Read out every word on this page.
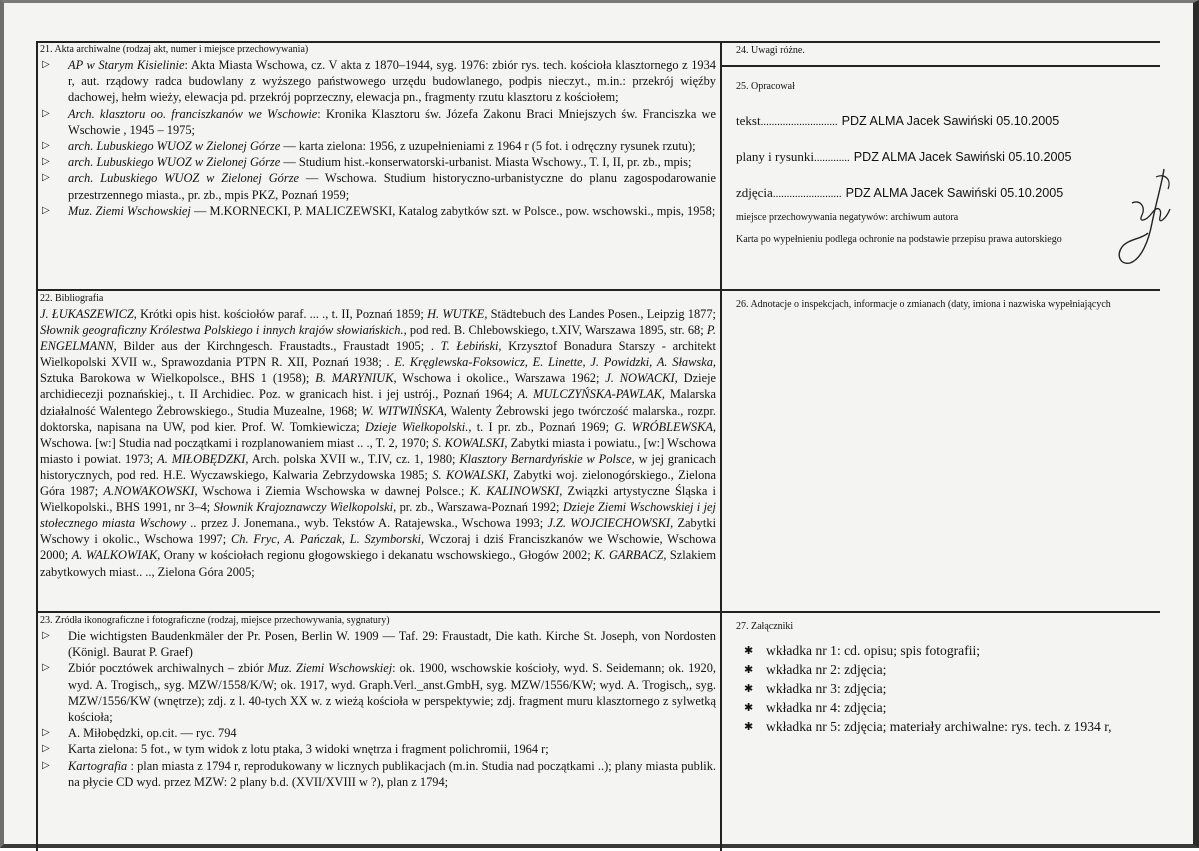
21. Akta archiwalne (rodzaj akt, numer i miejsce przechowywania)
▷ AP w Starym Kisielinie: Akta Miasta Wschowa, cz. V akta z 1870–1944, syg. 1976: zbiór rys. tech. kościoła klasztornego z 1934 r, aut. rządowy radca budowlany z wyższego państwowego urzędu budowlanego, podpis nieczyt., m.in.: przekrój więźby dachowej, hełm wieży, elewacja pd. przekrój poprzeczny, elewacja pn., fragmenty rzutu klasztoru z kościołem;
▷ Arch. klasztoru oo. franciszkanów we Wschowie: Kronika Klasztoru św. Józefa Zakonu Braci Mniejszych św. Franciszka we Wschowie , 1945 – 1975;
▷ arch. Lubuskiego WUOZ w Zielonej Górze — karta zielona: 1956, z uzupełnieniami z 1964 r (5 fot. i odręczny rysunek rzutu);
▷ arch. Lubuskiego WUOZ w Zielonej Górze — Studium hist.-konserwatorski-urbanist. Miasta Wschowy., T. I, II, pr. zb., mpis;
▷ arch. Lubuskiego WUOZ w Zielonej Górze — Wschowa. Studium historyczno-urbanistyczne do planu zagospodarowanie przestrzennego miasta., pr. zb., mpis PKZ, Poznań 1959;
▷ Muz. Ziemi Wschowskiej — M.KORNECKI, P. MALICZEWSKI, Katalog zabytków szt. w Polsce., pow. wschowski., mpis, 1958;
24. Uwagi różne.
25. Opracował
tekst ............................ PDZ ALMA Jacek Sawiński 05.10.2005
plany i rysunki ............. PDZ ALMA Jacek Sawiński 05.10.2005
zdjęcia ......................... PDZ ALMA Jacek Sawiński 05.10.2005
miejsce przechowywania negatywów: archiwum autora
Karta po wypełnieniu podlega ochronie na podstawie przepisu prawa autorskiego
22. Bibliografia
J. ŁUKASZEWICZ, Krótki opis hist. kościołów paraf. ... ., t. II, Poznań 1859; H. WUTKE, Städtebuch des Landes Posen., Leipzig 1877; Słownik geograficzny Królestwa Polskiego i innych krajów słowiańskich., pod red. B. Chlebowskiego, t.XIV, Warszawa 1895, str. 68; P. ENGELMANN, Bilder aus der Kirchngesch. Fraustadts., Fraustadt 1905; . T. Łebiński, Krzysztof Bonadura Starszy - architekt Wielkopolski XVII w., Sprawozdania PTPN R. XII, Poznań 1938; . E. Kręglewska-Foksowicz, E. Linette, J. Powidzki, A. Sławska, Sztuka Barokowa w Wielkopolsce., BHS 1 (1958); B. MARYNIUK, Wschowa i okolice., Warszawa 1962; J. NOWACKI, Dzieje archidiecezji poznańskiej., t. II Archidiec. Poz. w granicach hist. i jej ustrój., Poznań 1964; A. MULCZYŃSKA-PAWLAK, Malarska działalność Walentego Żebrowskiego., Studia Muzealne, 1968; W. WITWIŃSKA, Walenty Żebrowski jego twórczość malarska., rozpr. doktorska, napisana na UW, pod kier. Prof. W. Tomkiewicza; Dzieje Wielkopolski., t. I pr. zb., Poznań 1969; G. WRÓBLEWSKA, Wschowa. [w:] Studia nad początkami i rozplanowaniem miast .. ., T. 2, 1970; S. KOWALSKI, Zabytki miasta i powiatu., [w:] Wschowa miasto i powiat. 1973; A. MIŁOBĘDZKI, Arch. polska XVII w., T.IV, cz. 1, 1980; Klasztory Bernardyńskie w Polsce, w jej granicach historycznych, pod red. H.E. Wyczawskiego, Kalwaria Zebrzydowska 1985; S. KOWALSKI, Zabytki woj. zielonogórskiego., Zielona Góra 1987; A.NOWAKOWSKI, Wschowa i Ziemia Wschowska w dawnej Polsce.; K. KALINOWSKI, Związki artystyczne Śląska i Wielkopolski., BHS 1991, nr 3–4; Słownik Krajoznawczy Wielkopolski, pr. zb., Warszawa-Poznań 1992; Dzieje Ziemi Wschowskiej i jej stołecznego miasta Wschowy .. przez J. Jonemana., wyb. Tekstów A. Ratajewska., Wschowa 1993; J.Z. WOJCIECHOWSKI, Zabytki Wschowy i okolic., Wschowa 1997; Ch. Fryc, A. Pańczak, L. Szymborski, Wczoraj i dziś Franciszkanów we Wschowie, Wschowa 2000; A. WALKOWIAK, Orany w kościołach regionu głogowskiego i dekanatu wschowskiego., Głogów 2002; K. GARBACZ, Szlakiem zabytkowych miast.. .., Zielona Góra 2005;
26. Adnotacje o inspekcjach, informacje o zmianach (daty, imiona i nazwiska wypełniających
23. Źródła ikonograficzne i fotograficzne (rodzaj, miejsce przechowywania, sygnatury)
▷ Die wichtigsten Baudenkmäler der Pr. Posen, Berlin W. 1909 — Taf. 29: Fraustadt, Die kath. Kirche St. Joseph, von Nordosten (Königl. Baurat P. Graef)
▷ Zbiór pocztówek archiwalnych – zbiór Muz. Ziemi Wschowskiej: ok. 1900, wschowskie kościoły, wyd. S. Seidemann; ok. 1920, wyd. A. Trogisch,, syg. MZW/1558/K/W; ok. 1917, wyd. Graph.Verl._anst.GmbH, syg. MZW/1556/KW; wyd. A. Trogisch,, syg. MZW/1556/KW (wnętrze); zdj. z l. 40-tych XX w. z wieżą kościoła w perspektywie; zdj. fragment muru klasztornego z sylwetką kościoła;
▷ A. Miłobędzki, op.cit. — ryc. 794
▷ Karta zielona: 5 fot., w tym widok z lotu ptaka, 3 widoki wnętrza i fragment polichromii, 1964 r;
▷ Kartografia : plan miasta z 1794 r, reprodukowany w licznych publikacjach (m.in. Studia nad początkami ..); plany miasta publik. na płycie CD wyd. przez MZW: 2 plany b.d. (XVII/XVIII w ?), plan z 1794;
27. Załączniki
✱ wkładka nr 1: cd. opisu; spis fotografii;
✱ wkładka nr 2: zdjęcia;
✱ wkładka nr 3: zdjęcia;
✱ wkładka nr 4: zdjęcia;
✱ wkładka nr 5: zdjęcia; materiały archiwalne: rys. tech. z 1934 r,
